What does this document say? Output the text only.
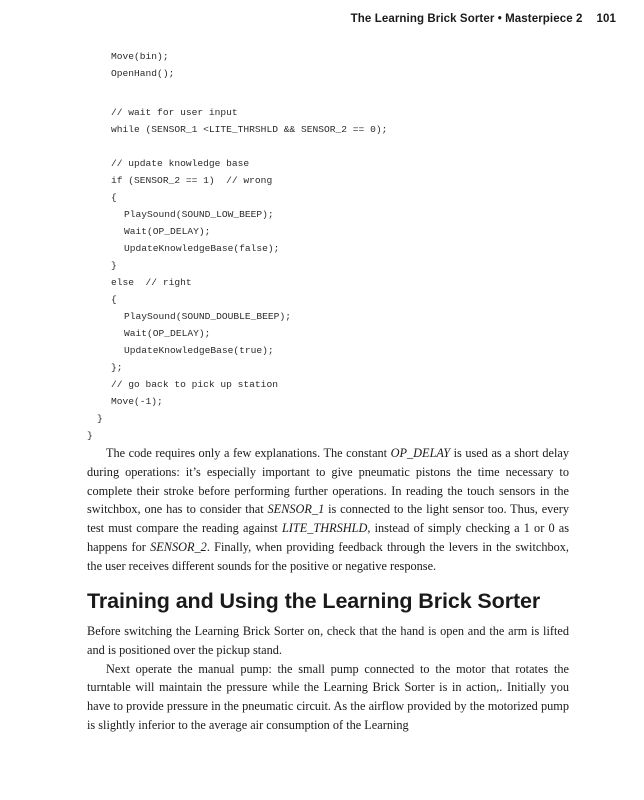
The Learning Brick Sorter • Masterpiece 2 101
Move(bin);
OpenHand();
// wait for user input
while (SENSOR_1 <LITE_THRSHLD && SENSOR_2 == 0);
// update knowledge base
if (SENSOR_2 == 1)  // wrong
{
PlaySound(SOUND_LOW_BEEP);
Wait(OP_DELAY);
UpdateKnowledgeBase(false);
}
else  // right
{
PlaySound(SOUND_DOUBLE_BEEP);
Wait(OP_DELAY);
UpdateKnowledgeBase(true);
};
// go back to pick up station
Move(-1);
}
}

The code requires only a few explanations. The constant OP_DELAY is used as a short delay during operations: it’s especially important to give pneumatic pistons the time necessary to complete their stroke before performing further operations. In reading the touch sensors in the switchbox, one has to consider that SENSOR_1 is connected to the light sensor too. Thus, every test must compare the reading against LITE_THRSHLD, instead of simply checking a 1 or 0 as happens for SENSOR_2. Finally, when providing feedback through the levers in the switchbox, the user receives different sounds for the positive or negative response.

Training and Using the Learning Brick Sorter

Before switching the Learning Brick Sorter on, check that the hand is open and the arm is lifted and is positioned over the pickup stand.

Next operate the manual pump: the small pump connected to the motor that rotates the turntable will maintain the pressure while the Learning Brick Sorter is in action,. Initially you have to provide pressure in the pneumatic circuit. As the airflow provided by the motorized pump is slightly inferior to the average air consumption of the Learning
